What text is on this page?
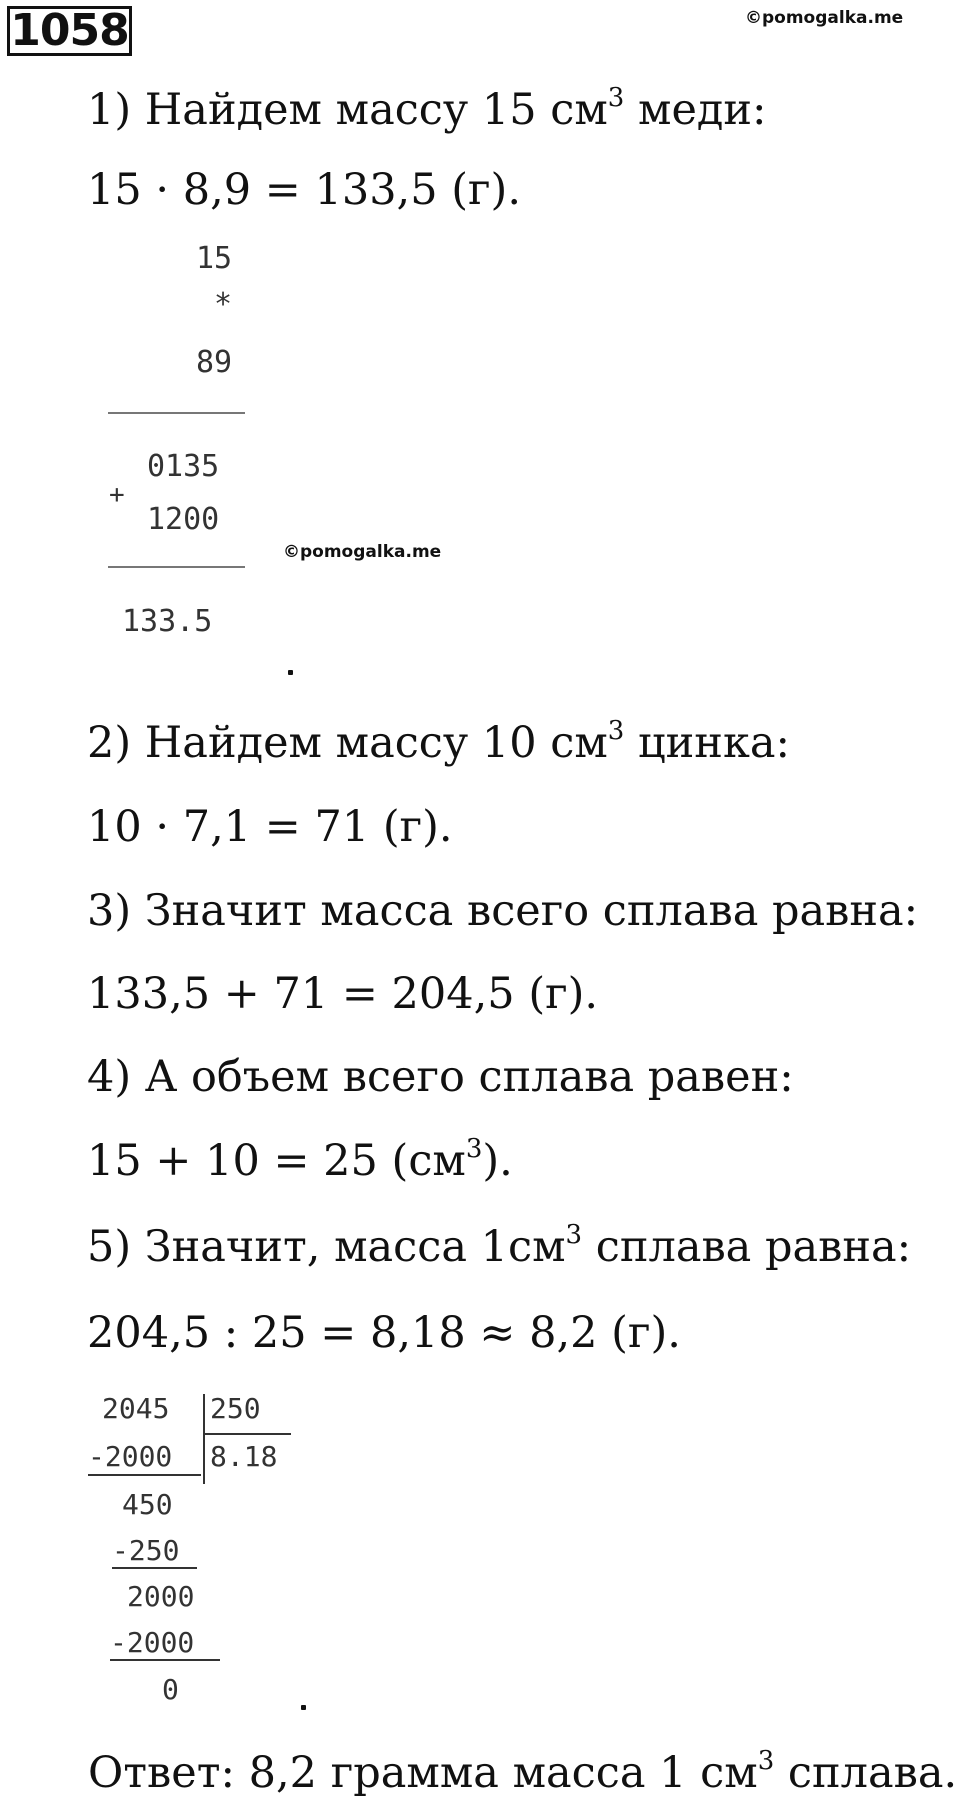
1058	©pomogalka.me
1) Найдем массу 15 $см^3$ меди:
15 · 8,9 = 133,5 (г).
15
*
89
0135
+
1200
133.5
©pomogalka.me
2) Найдем массу 10 $см^3$ цинка:
10 · 7,1 = 71 (г).
3) Значит масса всего сплава равна:
133,5 + 71 = 204,5 (г).
4) А объем всего сплава равен:
15 + 10 = 25 $(см^3)$.
5) Значит, масса $1см^3$ сплава равна:
204,5 : 25 = 8,18 ≈ 8,2 (г).
2045 250
-2000 8.18
450
-250
2000
-2000
0
Ответ: 8,2 грамма масса 1 $см^3$ сплава.
